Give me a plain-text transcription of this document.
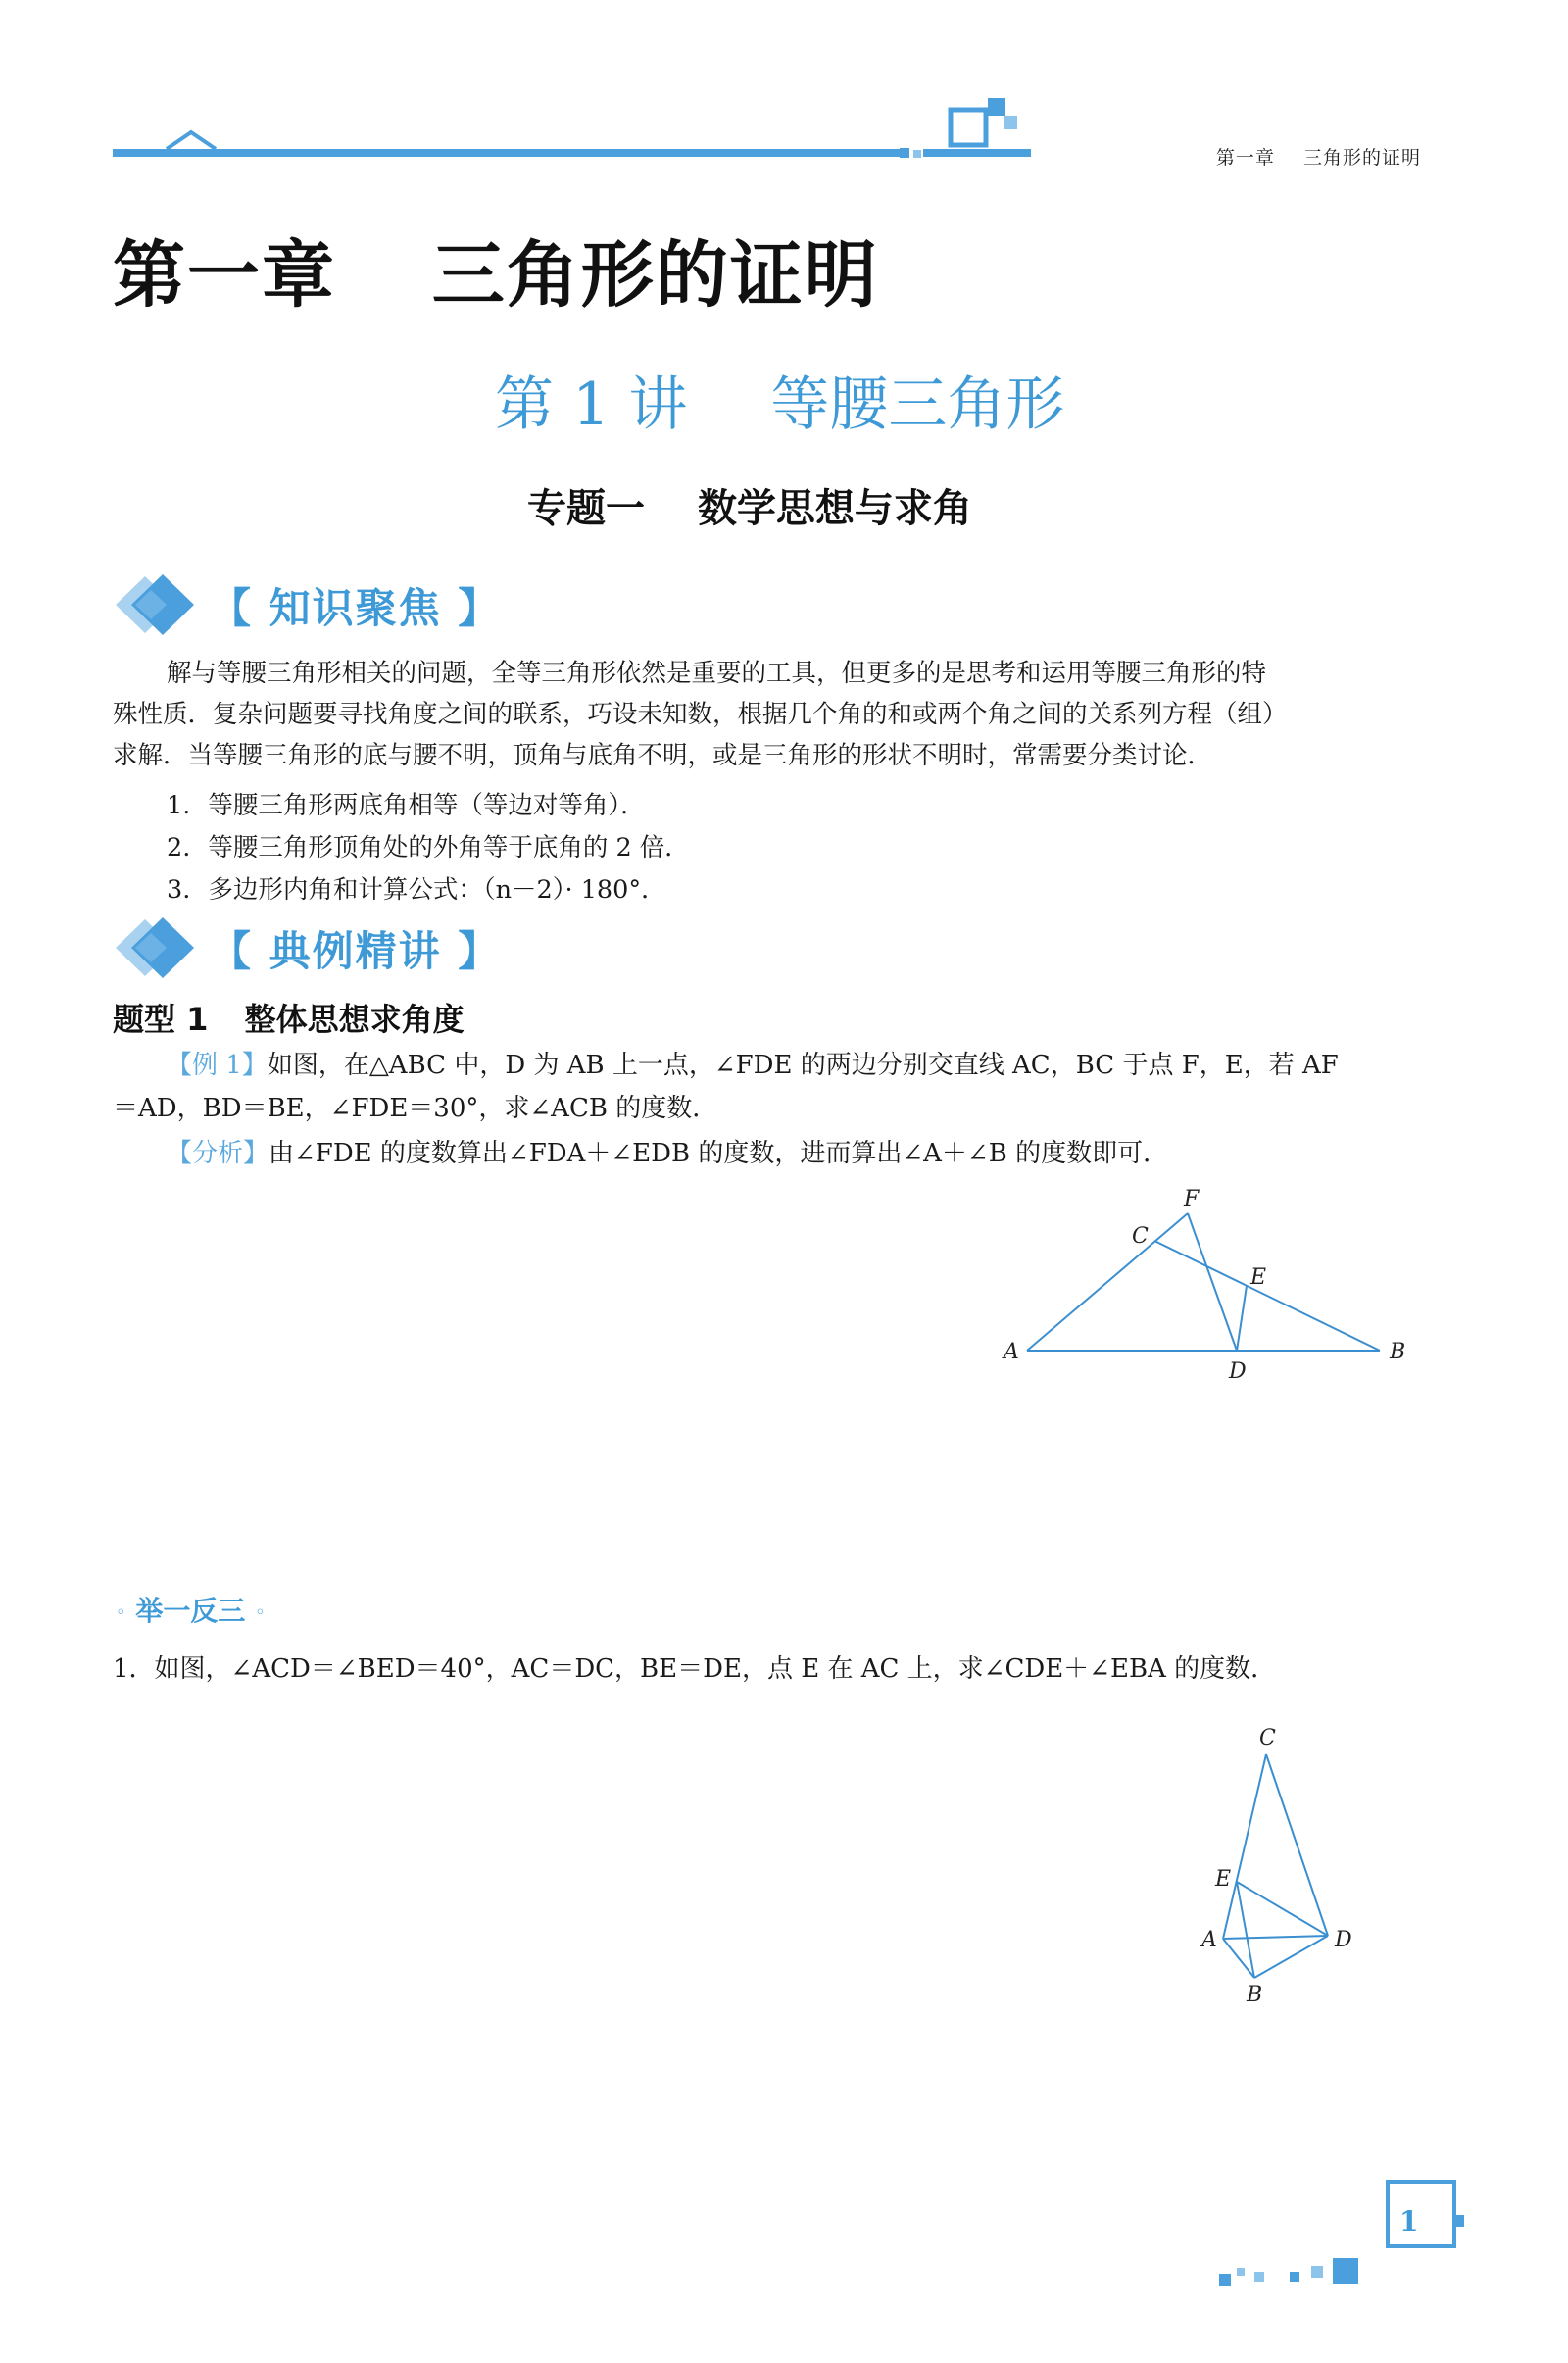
第一章 三角形的证明
第一章 三角形的证明
第 1 讲 等腰三角形
专题一 数学思想与求角
【 知识聚焦 】
解与等腰三角形相关的问题，全等三角形依然是重要的工具，但更多的是思考和运用等腰三角形的特
殊性质．复杂问题要寻找角度之间的联系，巧设未知数，根据几个角的和或两个角之间的关系列方程（组）
求解．当等腰三角形的底与腰不明，顶角与底角不明，或是三角形的形状不明时，常需要分类讨论．
1. 等腰三角形两底角相等（等边对等角）．
2. 等腰三角形顶角处的外角等于底角的 2 倍．
3. 多边形内角和计算公式：（n－2）· 180°．
【 典例精讲 】
题型 1 整体思想求角度
【例 1】如图，在△ABC 中，D 为 AB 上一点，∠FDE 的两边分别交直线 AC，BC 于点 F，E，若 AF
＝AD，BD＝BE，∠FDE＝30°，求∠ACB 的度数．
【分析】由∠FDE 的度数算出∠FDA＋∠EDB 的度数，进而算出∠A＋∠B 的度数即可．
A	B
C
D
E
F
◦ 举一反三 ◦
1．如图，∠ACD＝∠BED＝40°，AC＝DC，BE＝DE，点 E 在 AC 上，求∠CDE＋∠EBA 的度数．
C
E
A	D
B
1
